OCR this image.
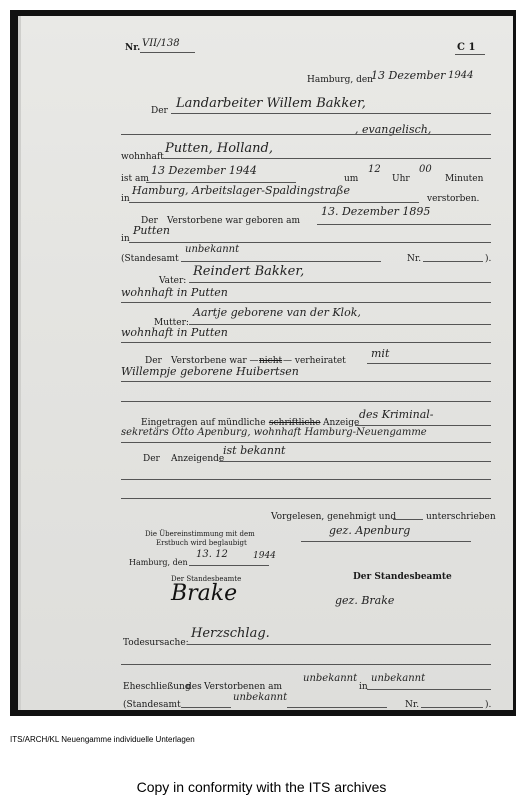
Nr. VII/138	C 1
Hamburg, den
13 Dezember 1944
Der Landarbeiter Willem Bakker,
, evangelisch,
wohnhaft
Putten, Holland,
ist am
13 Dezember 1944
um
12
Uhr
00
Minuten
in
Hamburg, Arbeitslager-Spaldingstraße
verstorben.
Der Verstorbene war geboren am
13. Dezember 1895
in
Putten
(Standesamt
unbekannt
Nr.	).
Vater:
Reindert Bakker,
wohnhaft in Putten
Mutter:
Aartje geborene van der Klok,
wohnhaft in Putten
Der Verstorbene war — nicht — verheiratet
mit
Willempje geborene Huibertsen
Eingetragen auf mündliche —
schriftliche Anzeige
des Kriminal-
sekretärs Otto Apenburg, wohnhaft Hamburg-Neuengamme
Der Anzeigende
ist bekannt
Vorgelesen, genehmigt und	unterschrieben
gez. Apenburg
Die Übereinstimmung mit dem
Erstbuch wird beglaubigt
Hamburg, den
13. 12	1944
Der Standesbeamte	Der Standesbeamte
Brake	gez. Brake
Todesursache:
Herzschlag.
Eheschließung
des Verstorbenen am
unbekannt
in
unbekannt
(Standesamt
unbekannt
Nr.	).
ITS/ARCH/KL Neuengamme individuelle Unterlagen
Copy in conformity with the ITS archives
